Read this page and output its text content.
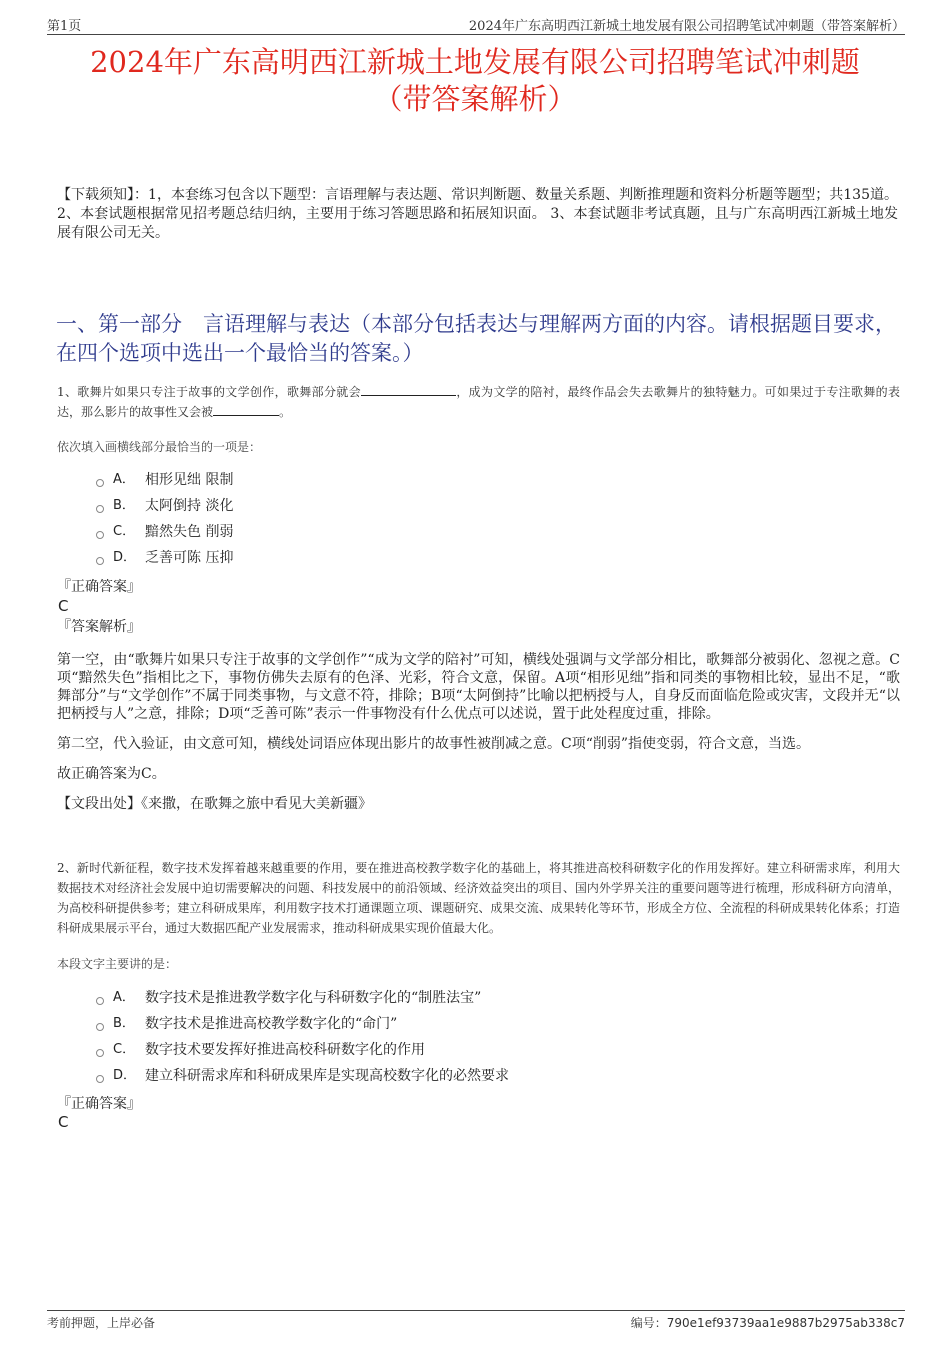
第1页	2024年广东高明西江新城土地发展有限公司招聘笔试冲刺题（带答案解析）
2024年广东高明西江新城土地发展有限公司招聘笔试冲刺题
（带答案解析）
【下载须知】：1，本套练习包含以下题型：言语理解与表达题、常识判断题、数量关系题、判断推理题和资料分析题等题型；共135道。 2、本套试题根据常见招考题总结归纳，主要用于练习答题思路和拓展知识面。 3、本套试题非考试真题，且与广东高明西江新城土地发展有限公司无关。
一、第一部分　言语理解与表达（本部分包括表达与理解两方面的内容。请根据题目要求，在四个选项中选出一个最恰当的答案。）
1、歌舞片如果只专注于故事的文学创作，歌舞部分就会	，成为文学的陪衬，最终作品会失去歌舞片的独特魅力。可如果过于专注歌舞的表达，那么影片的故事性又会被	。
依次填入画横线部分最恰当的一项是：
A． 相形见绌 限制
B． 太阿倒持 淡化
C． 黯然失色 削弱
D． 乏善可陈 压抑
『正确答案』
C
『答案解析』

第一空，由“歌舞片如果只专注于故事的文学创作”“成为文学的陪衬”可知，横线处强调与文学部分相比，歌舞部分被弱化、忽视之意。C项“黯然失色”指相比之下，事物仿佛失去原有的色泽、光彩，符合文意，保留。A项“相形见绌”指和同类的事物相比较，显出不足，“歌舞部分”与“文学创作”不属于同类事物，与文意不符，排除；B项“太阿倒持”比喻以把柄授与人，自身反而面临危险或灾害，文段并无“以把柄授与人”之意，排除；D项“乏善可陈”表示一件事物没有什么优点可以述说，置于此处程度过重，排除。

第二空，代入验证，由文意可知，横线处词语应体现出影片的故事性被削减之意。C项“削弱”指使变弱，符合文意，当选。

故正确答案为C。

【文段出处】《来撒，在歌舞之旅中看见大美新疆》

2、新时代新征程，数字技术发挥着越来越重要的作用，要在推进高校教学数字化的基础上，将其推进高校科研数字化的作用发挥好。建立科研需求库，利用大数据技术对经济社会发展中迫切需要解决的问题、科技发展中的前沿领域、经济效益突出的项目、国内外学界关注的重要问题等进行梳理，形成科研方向清单，为高校科研提供参考；建立科研成果库，利用数字技术打通课题立项、课题研究、成果交流、成果转化等环节，形成全方位、全流程的科研成果转化体系；打造科研成果展示平台，通过大数据匹配产业发展需求，推动科研成果实现价值最大化。
本段文字主要讲的是：
A． 数字技术是推进教学数字化与科研数字化的“制胜法宝”
B． 数字技术是推进高校教学数字化的“命门”
C． 数字技术要发挥好推进高校科研数字化的作用
D． 建立科研需求库和科研成果库是实现高校数字化的必然要求
『正确答案』
C
考前押题，上岸必备	编号：790e1ef93739aa1e9887b2975ab338c7
